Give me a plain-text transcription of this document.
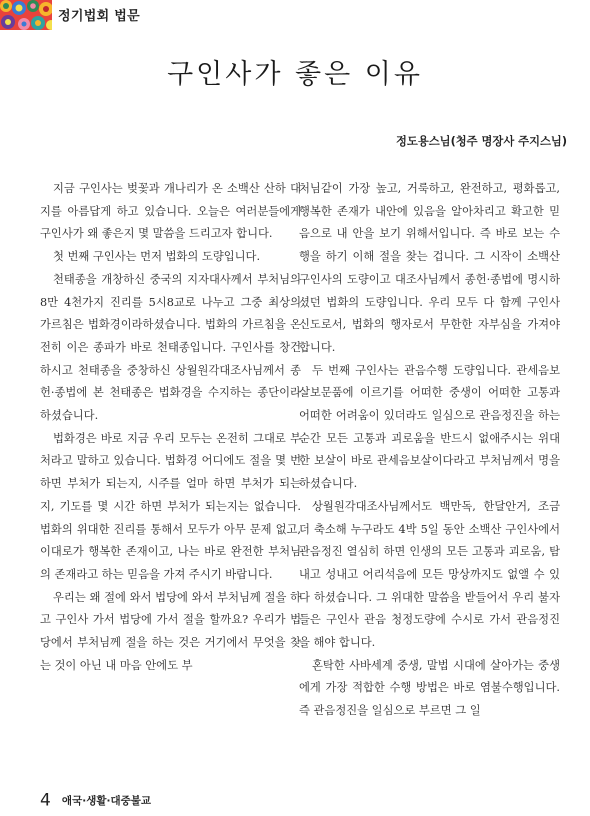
정기법회 법문
구인사가 좋은 이유
정도용스님(청주 명장사 주지스님)

지금 구인사는 벚꽃과 개나리가 온 소백산 산하 대지를 아름답게 하고 있습니다. 오늘은 여러분들에게 구인사가 왜 좋은지 몇 말씀을 드리고자 합니다.

첫 번째 구인사는 먼저 법화의 도량입니다.

천태종을 개창하신 중국의 지자대사께서 부처님의 8만 4천가지 진리를 5시8교로 나누고 그중 최상의 가르침은 법화경이라하셨습니다. 법화의 가르침을 온전히 이은 종파가 바로 천태종입니다. 구인사를 창건하시고 천태종을 중창하신 상월원각대조사님께서 종헌·종법에 본 천태종은 법화경을 수지하는 종단이라 하셨습니다.

법화경은 바로 지금 우리 모두는 온전히 그대로 부처라고 말하고 있습니다. 법화경 어디에도 절을 몇 번 하면 부처가 되는지, 시주를 얼마 하면 부처가 되는지, 기도를 몇 시간 하면 부처가 되는지는 없습니다. 법화의 위대한 진리를 통해서 모두가 아무 문제 없고, 이대로가 행복한 존재이고, 나는 바로 완전한 부처님의 존재라고 하는 믿음을 가져 주시기 바랍니다.

우리는 왜 절에 와서 법당에 와서 부처님께 절을 하고 구인사 가서 법당에 가서 절을 할까요? 우리가 법당에서 부처님께 절을 하는 것은 거기에서 무엇을 찾는 것이 아닌 내 마음 안에도 부

처님같이 가장 높고, 거룩하고, 완전하고, 평화롭고, 행복한 존재가 내안에 있음을 알아차리고 확고한 믿음으로 내 안을 보기 위해서입니다. 즉 바로 보는 수행을 하기 이해 절을 찾는 겁니다. 그 시작이 소백산 구인사의 도량이고 대조사님께서 종헌·종법에 명시하셨던 법화의 도량입니다. 우리 모두 다 함께 구인사 신도로서, 법화의 행자로서 무한한 자부심을 가져야 합니다.

두 번째 구인사는 관음수행 도량입니다. 관세음보살보문품에 이르기를 어떠한 중생이 어떠한 고통과 어떠한 어려움이 있더라도 일심으로 관음정진을 하는 순간 모든 고통과 괴로움을 반드시 없애주시는 위대한 보살이 바로 관세음보살이다라고 부처님께서 명을 하셨습니다.

상월원각대조사님께서도 백만독, 한달안거, 조금 더 축소해 누구라도 4박 5일 동안 소백산 구인사에서 관음정진 열심히 하면 인생의 모든 고통과 괴로움, 탐내고 성내고 어리석음에 모든 망상까지도 없앨 수 있다 하셨습니다. 그 위대한 말씀을 받들어서 우리 불자들은 구인사 관음 청정도량에 수시로 가서 관음정진을 해야 합니다.

혼탁한 사바세계 중생, 말법 시대에 살아가는 중생에게 가장 적합한 수행 방법은 바로 염불수행입니다. 즉 관음정진을 일심으로 부르면 그 일

4 애국·생활·대중불교
